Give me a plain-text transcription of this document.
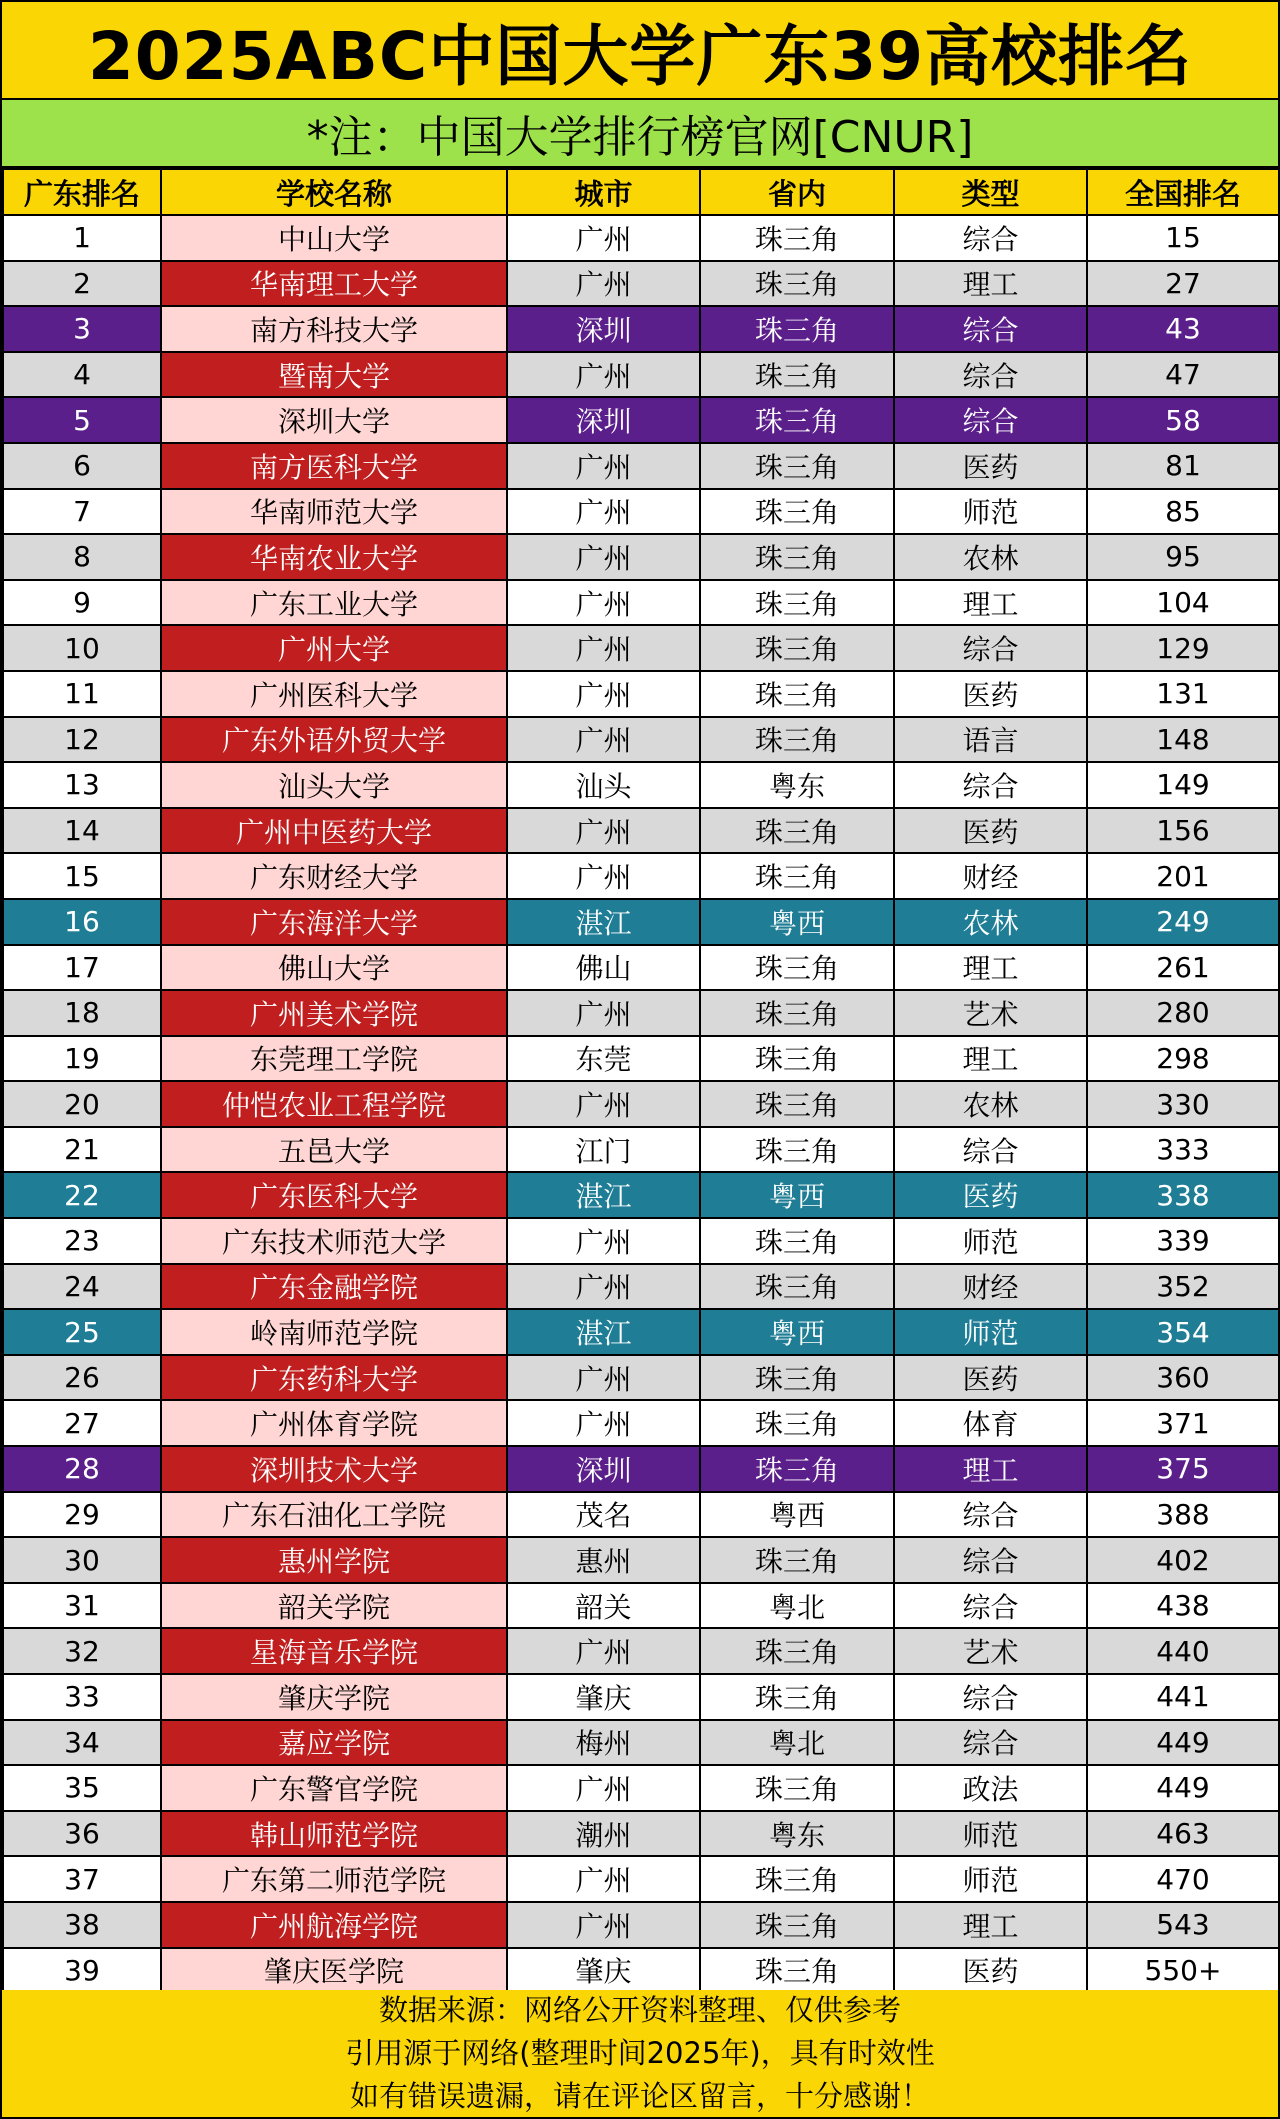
2025ABC中国大学广东39高校排名
*注：中国大学排行榜官网[CNUR]
广东排名	学校名称	城市	省内	类型	全国排名
1	中山大学	广州	珠三角	综合	15
2	华南理工大学	广州	珠三角	理工	27
3	南方科技大学	深圳	珠三角	综合	43
4	暨南大学	广州	珠三角	综合	47
5	深圳大学	深圳	珠三角	综合	58
6	南方医科大学	广州	珠三角	医药	81
7	华南师范大学	广州	珠三角	师范	85
8	华南农业大学	广州	珠三角	农林	95
9	广东工业大学	广州	珠三角	理工	104
10	广州大学	广州	珠三角	综合	129
11	广州医科大学	广州	珠三角	医药	131
12	广东外语外贸大学	广州	珠三角	语言	148
13	汕头大学	汕头	粤东	综合	149
14	广州中医药大学	广州	珠三角	医药	156
15	广东财经大学	广州	珠三角	财经	201
16	广东海洋大学	湛江	粤西	农林	249
17	佛山大学	佛山	珠三角	理工	261
18	广州美术学院	广州	珠三角	艺术	280
19	东莞理工学院	东莞	珠三角	理工	298
20	仲恺农业工程学院	广州	珠三角	农林	330
21	五邑大学	江门	珠三角	综合	333
22	广东医科大学	湛江	粤西	医药	338
23	广东技术师范大学	广州	珠三角	师范	339
24	广东金融学院	广州	珠三角	财经	352
25	岭南师范学院	湛江	粤西	师范	354
26	广东药科大学	广州	珠三角	医药	360
27	广州体育学院	广州	珠三角	体育	371
28	深圳技术大学	深圳	珠三角	理工	375
29	广东石油化工学院	茂名	粤西	综合	388
30	惠州学院	惠州	珠三角	综合	402
31	韶关学院	韶关	粤北	综合	438
32	星海音乐学院	广州	珠三角	艺术	440
33	肇庆学院	肇庆	珠三角	综合	441
34	嘉应学院	梅州	粤北	综合	449
35	广东警官学院	广州	珠三角	政法	449
36	韩山师范学院	潮州	粤东	师范	463
37	广东第二师范学院	广州	珠三角	师范	470
38	广州航海学院	广州	珠三角	理工	543
39	肇庆医学院	肇庆	珠三角	医药	550+
数据来源：网络公开资料整理、仅供参考
引用源于网络(整理时间2025年)，具有时效性
如有错误遗漏，请在评论区留言，十分感谢！
